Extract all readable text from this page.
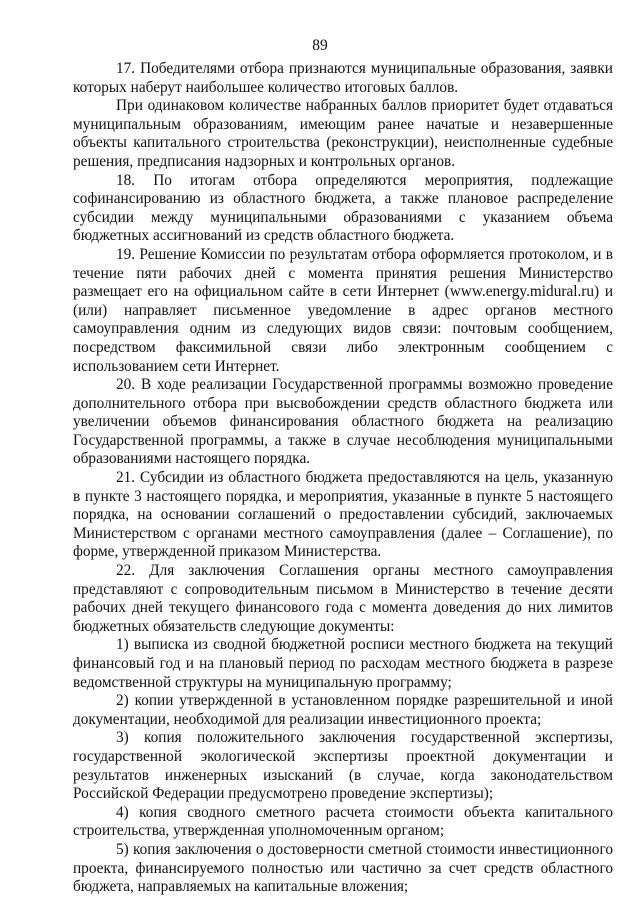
89

17. Победителями отбора признаются муниципальные образования, заявки которых наберут наибольшее количество итоговых баллов.

При одинаковом количестве набранных баллов приоритет будет отдаваться муниципальным образованиям, имеющим ранее начатые и незавершенные объекты капитального строительства (реконструкции), неисполненные судебные решения, предписания надзорных и контрольных органов.

18. По итогам отбора определяются мероприятия, подлежащие софинансированию из областного бюджета, а также плановое распределение субсидии между муниципальными образованиями с указанием объема бюджетных ассигнований из средств областного бюджета.

19. Решение Комиссии по результатам отбора оформляется протоколом, и в течение пяти рабочих дней с момента принятия решения Министерство размещает его на официальном сайте в сети Интернет (www.energy.midural.ru) и (или) направляет письменное уведомление в адрес органов местного самоуправления одним из следующих видов связи: почтовым сообщением, посредством факсимильной связи либо электронным сообщением с использованием сети Интернет.

20. В ходе реализации Государственной программы возможно проведение дополнительного отбора при высвобождении средств областного бюджета или увеличении объемов финансирования областного бюджета на реализацию Государственной программы, а также в случае несоблюдения муниципальными образованиями настоящего порядка.

21. Субсидии из областного бюджета предоставляются на цель, указанную в пункте 3 настоящего порядка, и мероприятия, указанные в пункте 5 настоящего порядка, на основании соглашений о предоставлении субсидий, заключаемых Министерством с органами местного самоуправления (далее – Соглашение), по форме, утвержденной приказом Министерства.

22. Для заключения Соглашения органы местного самоуправления представляют с сопроводительным письмом в Министерство в течение десяти рабочих дней текущего финансового года с момента доведения до них лимитов бюджетных обязательств следующие документы:

1) выписка из сводной бюджетной росписи местного бюджета на текущий финансовый год и на плановый период по расходам местного бюджета в разрезе ведомственной структуры на муниципальную программу;

2) копии утвержденной в установленном порядке разрешительной и иной документации, необходимой для реализации инвестиционного проекта;

3) копия положительного заключения государственной экспертизы, государственной экологической экспертизы проектной документации и результатов инженерных изысканий (в случае, когда законодательством Российской Федерации предусмотрено проведение экспертизы);

4) копия сводного сметного расчета стоимости объекта капитального строительства, утвержденная уполномоченным органом;

5) копия заключения о достоверности сметной стоимости инвестиционного проекта, финансируемого полностью или частично за счет средств областного бюджета, направляемых на капитальные вложения;
